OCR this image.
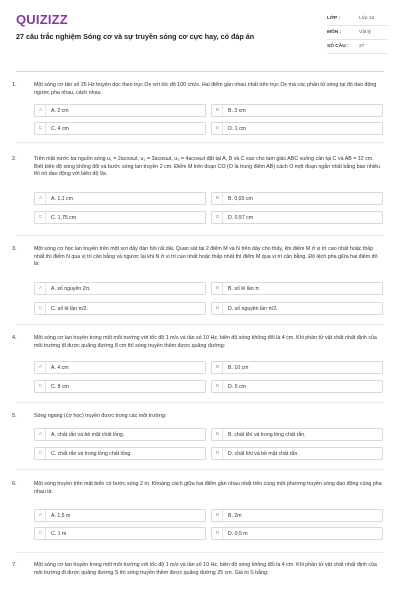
QUIZIZZ
27 câu trắc nghiệm Sóng cơ và sự truyền sóng cơ cực hay, có đáp án
LỚP :	Lớp 12
MÔN :	Vật lý
SỐ CÂU :	27
1.	Một sóng cơ tần số 25 Hz truyền dọc theo trục Ox với tốc độ 100 cm/s. Hai điểm gần nhau nhất trên trục Ox mà các phần tử sóng tại đó dao động ngược pha nhau, cách nhau
A	A. 2 cm	B	B. 3 cm
C	C. 4 cm	D	D. 1 cm
2.	Trên mặt nước ba nguồn sóng u₁ = 2acosωt, u₂ = 3acosωt, u₃ = 4acosωt đặt tại A, B và C sao cho tam giác ABC vuông cân tại C và AB = 12 cm. Biết biên độ sóng không đổi và bước sóng lan truyền 2 cm. Điểm M trên đoạn CO (O là trung điểm AB) cách O một đoạn ngắn nhất bằng bao nhiêu thì nó dao động với biên độ 9a.
A	A. 1,1 cm	B	B. 0,93 cm
C	C. 1,75 cm	D	D. 0,57 cm
3.	Một sóng cơ học lan truyền trên một sợi dây đàn hồi rất dài. Quan sát tại 2 điểm M và N trên dây cho thấy, khi điểm M ở vị trí cao nhất hoặc thấp nhất thì điểm N qua vị trí cân bằng và ngược lại khi N ở vị trí cao nhất hoặc thấp nhất thì điểm M qua vị trí cân bằng. Độ lệch pha giữa hai điểm đó là:
A	A. số nguyên 2π.	B	B. số lẻ lần π.
C	C. số lẻ lần π/2.	D	D. số nguyên lần π/2.
4.	Một sóng cơ lan truyền trong một môi trường với tốc độ 1 m/s và tần số 10 Hz, biên độ sóng không đổi là 4 cm. Khi phần tử vật chất nhất định của môi trường đi được quãng đường 8 cm thì sóng truyền thêm được quãng đường:
A	A. 4 cm	B	B. 10 cm
C	C. 8 cm	D	D. 5 cm
5.	Sóng ngang (cơ học) truyền được trong các môi trường:
A	A. chất rắn và bề mặt chất lỏng.	B	B. chất khí và trong lòng chất rắn.
C	C. chất rắn và trong lòng chất lỏng.	D	D. chất khí và bề mặt chất rắn.
6.	Một sóng truyền trên mặt biển có bước sóng 2 m. Khoảng cách giữa hai điểm gần nhau nhất trên cùng một phương truyền sóng dao động cùng pha nhau là:
A	A. 1,5 m	B	B. 2m
C	C. 1 m	D	D. 0,5 m
7.	Một sóng cơ lan truyền trong một môi trường với tốc độ 1 m/s và tần số 10 Hz, biên độ sóng không đổi là 4 cm. Khi phần tử vật chất nhất định của môi trường đi được quãng đường S thì sóng truyền thêm được quãng đường 25 cm. Giá trị S bằng:
